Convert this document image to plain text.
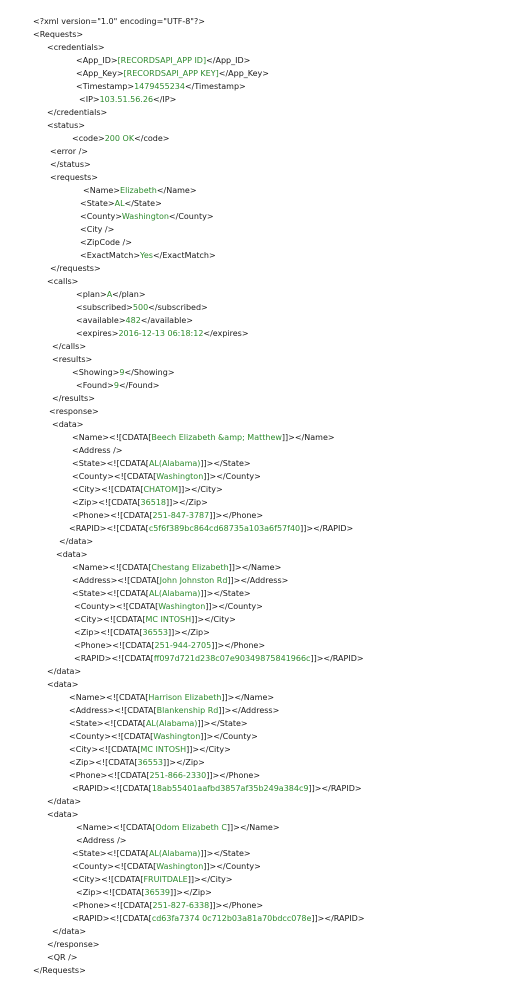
<?xml version="1.0" encoding="UTF-8"?>
<Requests>
<credentials>
<App_ID>[RECORDSAPI_APP ID]</App_ID>
<App_Key>[RECORDSAPI_APP KEY]</App_Key>
<Timestamp>1479455234</Timestamp>
<IP>103.51.56.26</IP>
</credentials>
<status>
<code>200 OK</code>
<error />
</status>
<requests>
<Name>Elizabeth</Name>
<State>AL</State>
<County>Washington</County>
<City />
<ZipCode />
<ExactMatch>Yes</ExactMatch>
</requests>
<calls>
<plan>A</plan>
<subscribed>500</subscribed>
<available>482</available>
<expires>2016-12-13 06:18:12</expires>
</calls>
<results>
<Showing>9</Showing>
<Found>9</Found>
</results>
<response>
<data>
<Name><![CDATA[Beech Elizabeth &amp; Matthew]]></Name>
<Address />
<State><![CDATA[AL(Alabama)]]></State>
<County><![CDATA[Washington]]></County>
<City><![CDATA[CHATOM]]></City>
<Zip><![CDATA[36518]]></Zip>
<Phone><![CDATA[251-847-3787]]></Phone>
<RAPID><![CDATA[c5f6f389bc864cd68735a103a6f57f40]]></RAPID>
</data>
<data>
<Name><![CDATA[Chestang Elizabeth]]></Name>
<Address><![CDATA[John Johnston Rd]]></Address>
<State><![CDATA[AL(Alabama)]]></State>
<County><![CDATA[Washington]]></County>
<City><![CDATA[MC INTOSH]]></City>
<Zip><![CDATA[36553]]></Zip>
<Phone><![CDATA[251-944-2705]]></Phone>
<RAPID><![CDATA[ff097d721d238c07e90349875841966c]]></RAPID>
</data>
<data>
<Name><![CDATA[Harrison Elizabeth]]></Name>
<Address><![CDATA[Blankenship Rd]]></Address>
<State><![CDATA[AL(Alabama)]]></State>
<County><![CDATA[Washington]]></County>
<City><![CDATA[MC INTOSH]]></City>
<Zip><![CDATA[36553]]></Zip>
<Phone><![CDATA[251-866-2330]]></Phone>
<RAPID><![CDATA[18ab55401aafbd3857af35b249a384c9]]></RAPID>
</data>
<data>
<Name><![CDATA[Odom Elizabeth C]]></Name>
<Address />
<State><![CDATA[AL(Alabama)]]></State>
<County><![CDATA[Washington]]></County>
<City><![CDATA[FRUITDALE]]></City>
<Zip><![CDATA[36539]]></Zip>
<Phone><![CDATA[251-827-6338]]></Phone>
<RAPID><![CDATA[cd63fa7374 0c712b03a81a70bdcc078e]]></RAPID>
</data>
</response>
<QR />
</Requests>
